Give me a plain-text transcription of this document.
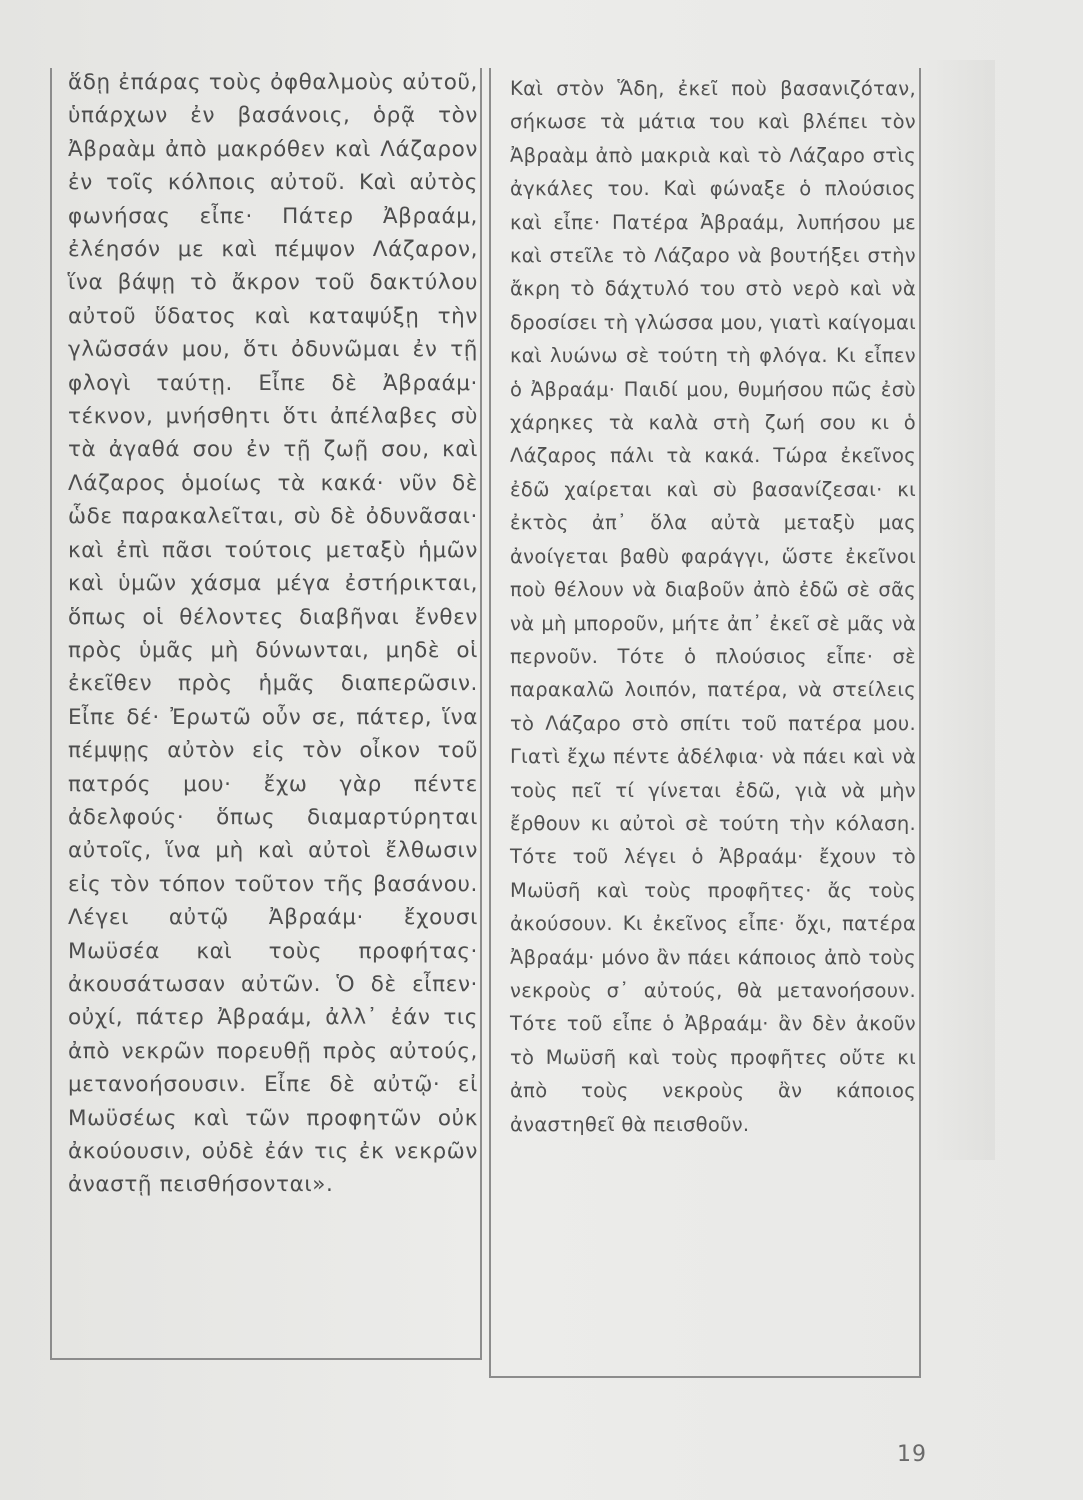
ἅδῃ ἐπάρας τοὺς ὀφθαλμοὺς αὐτοῦ, ὑπάρχων ἐν βασάνοις, ὁρᾷ τὸν Ἀβραὰμ ἀπὸ μακρόθεν καὶ Λάζαρον ἐν τοῖς κόλποις αὐτοῦ. Καὶ αὐτὸς φωνήσας εἶπε· Πάτερ Ἀβραάμ, ἐλέησόν με καὶ πέμψον Λάζαρον, ἵνα βάψῃ τὸ ἄκρον τοῦ δακτύλου αὐτοῦ ὕδατος καὶ καταψύξῃ τὴν γλῶσσάν μου, ὅτι ὀδυνῶμαι ἐν τῇ φλογὶ ταύτῃ. Εἶπε δὲ Ἀβραάμ· τέκνον, μνήσθητι ὅτι ἀπέλαβες σὺ τὰ ἀγαθά σου ἐν τῇ ζωῇ σου, καὶ Λάζαρος ὁμοίως τὰ κακά· νῦν δὲ ὧδε παρακαλεῖται, σὺ δὲ ὀδυνᾶσαι· καὶ ἐπὶ πᾶσι τούτοις μεταξὺ ἡμῶν καὶ ὑμῶν χάσμα μέγα ἐστήρικται, ὅπως οἱ θέλοντες διαβῆναι ἔνθεν πρὸς ὑμᾶς μὴ δύνωνται, μηδὲ οἱ ἐκεῖθεν πρὸς ἡμᾶς διαπερῶσιν. Εἶπε δέ· Ἐρωτῶ οὖν σε, πάτερ, ἵνα πέμψῃς αὐτὸν εἰς τὸν οἶκον τοῦ πατρός μου· ἔχω γὰρ πέντε ἀδελφούς· ὅπως διαμαρτύρηται αὐτοῖς, ἵνα μὴ καὶ αὐτοὶ ἔλθωσιν εἰς τὸν τόπον τοῦτον τῆς βασάνου. Λέγει αὐτῷ Ἀβραάμ· ἔχουσι Μωϋσέα καὶ τοὺς προφήτας· ἀκουσάτωσαν αὐτῶν. Ὁ δὲ εἶπεν· οὐχί, πάτερ Ἀβραάμ, ἀλλ᾽ ἐάν τις ἀπὸ νεκρῶν πορευθῇ πρὸς αὐτούς, μετανοήσουσιν. Εἶπε δὲ αὐτῷ· εἰ Μωϋσέως καὶ τῶν προφητῶν οὐκ ἀκούουσιν, οὐδὲ ἐάν τις ἐκ νεκρῶν ἀναστῇ πεισθήσονται».

Καὶ στὸν Ἅδη, ἐκεῖ ποὺ βασανιζόταν, σήκωσε τὰ μάτια του καὶ βλέπει τὸν Ἀβραὰμ ἀπὸ μακριὰ καὶ τὸ Λάζαρο στὶς ἀγκάλες του. Καὶ φώναξε ὁ πλούσιος καὶ εἶπε· Πατέρα Ἀβραάμ, λυπήσου με καὶ στεῖλε τὸ Λάζαρο νὰ βουτήξει στὴν ἄκρη τὸ δάχτυλό του στὸ νερὸ καὶ νὰ δροσίσει τὴ γλώσσα μου, γιατὶ καίγομαι καὶ λυώνω σὲ τούτη τὴ φλόγα. Κι εἶπεν ὁ Ἀβραάμ· Παιδί μου, θυμήσου πῶς ἐσὺ χάρηκες τὰ καλὰ στὴ ζωή σου κι ὁ Λάζαρος πάλι τὰ κακά. Τώρα ἐκεῖνος ἐδῶ χαίρεται καὶ σὺ βασανίζεσαι· κι ἐκτὸς ἀπ᾽ ὅλα αὐτὰ μεταξὺ μας ἀνοίγεται βαθὺ φαράγγι, ὥστε ἐκεῖνοι ποὺ θέλουν νὰ διαβοῦν ἀπὸ ἐδῶ σὲ σᾶς νὰ μὴ μποροῦν, μήτε ἀπ᾽ ἐκεῖ σὲ μᾶς νὰ περνοῦν. Τότε ὁ πλούσιος εἶπε· σὲ παρακαλῶ λοιπόν, πατέρα, νὰ στείλεις τὸ Λάζαρο στὸ σπίτι τοῦ πατέρα μου. Γιατὶ ἔχω πέντε ἀδέλφια· νὰ πάει καὶ νὰ τοὺς πεῖ τί γίνεται ἐδῶ, γιὰ νὰ μὴν ἔρθουν κι αὐτοὶ σὲ τούτη τὴν κόλαση. Τότε τοῦ λέγει ὁ Ἀβραάμ· ἔχουν τὸ Μωϋσῆ καὶ τοὺς προφῆτες· ἄς τοὺς ἀκούσουν. Κι ἐκεῖνος εἶπε· ὄχι, πατέρα Ἀβραάμ· μόνο ἂν πάει κάποιος ἀπὸ τοὺς νεκροὺς σ᾽ αὐτούς, θὰ μετανοήσουν. Τότε τοῦ εἶπε ὁ Ἀβραάμ· ἂν δὲν ἀκοῦν τὸ Μωϋσῆ καὶ τοὺς προφῆτες οὔτε κι ἀπὸ τοὺς νεκροὺς ἂν κάποιος ἀναστηθεῖ θὰ πεισθοῦν.

19
